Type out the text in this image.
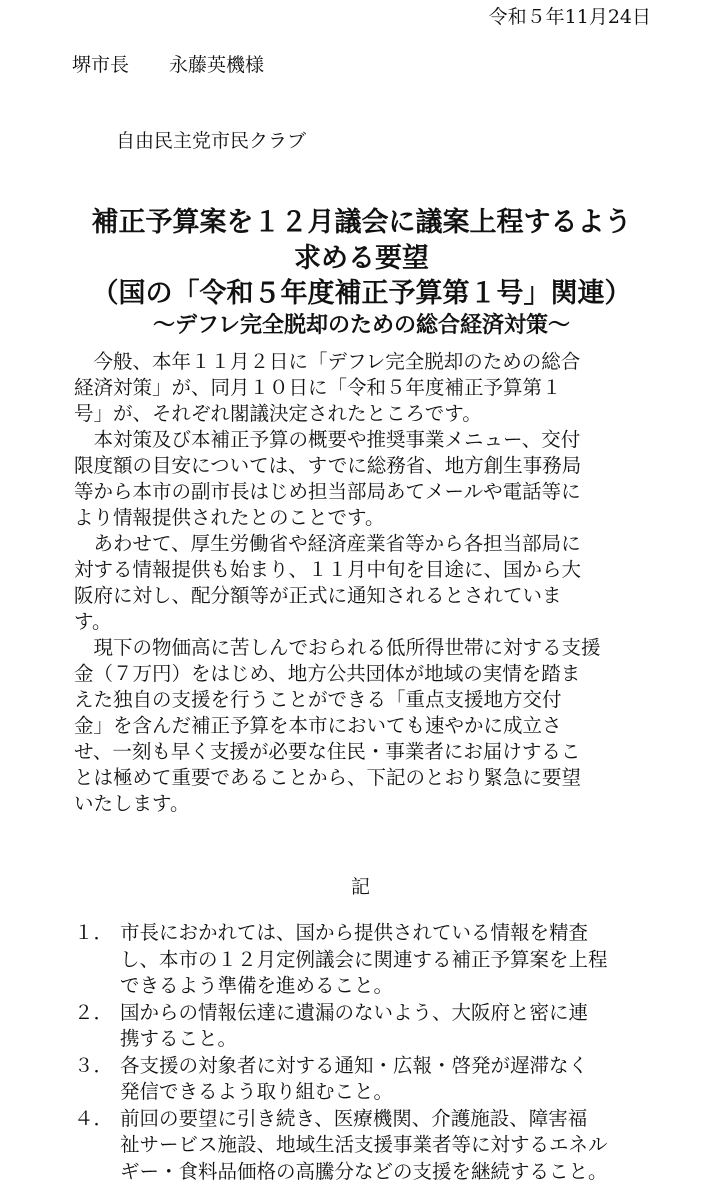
令和５年11月24日
堺市長 永藤英機様
自由民主党市民クラブ
補正予算案を１２月議会に議案上程するよう
求める要望
（国の「令和５年度補正予算第１号」関連）
～デフレ完全脱却のための総合経済対策～
　今般、本年１１月２日に「デフレ完全脱却のための総合
経済対策」が、同月１０日に「令和５年度補正予算第１
号」が、それぞれ閣議決定されたところです。
　本対策及び本補正予算の概要や推奨事業メニュー、交付
限度額の目安については、すでに総務省、地方創生事務局
等から本市の副市長はじめ担当部局あてメールや電話等に
より情報提供されたとのことです。
　あわせて、厚生労働省や経済産業省等から各担当部局に
対する情報提供も始まり、１１月中旬を目途に、国から大
阪府に対し、配分額等が正式に通知されるとされていま
す。
　現下の物価高に苦しんでおられる低所得世帯に対する支援
金（７万円）をはじめ、地方公共団体が地域の実情を踏ま
えた独自の支援を行うことができる「重点支援地方交付
金」を含んだ補正予算を本市においても速やかに成立さ
せ、一刻も早く支援が必要な住民・事業者にお届けするこ
とは極めて重要であることから、下記のとおり緊急に要望
いたします。
記
１． 市長におかれては、国から提供されている情報を精査
し、本市の１２月定例議会に関連する補正予算案を上程
できるよう準備を進めること。
２． 国からの情報伝達に遺漏のないよう、大阪府と密に連
携すること。
３． 各支援の対象者に対する通知・広報・啓発が遅滞なく
発信できるよう取り組むこと。
４． 前回の要望に引き続き、医療機関、介護施設、障害福
祉サービス施設、地域生活支援事業者等に対するエネル
ギー・食料品価格の高騰分などの支援を継続すること。
